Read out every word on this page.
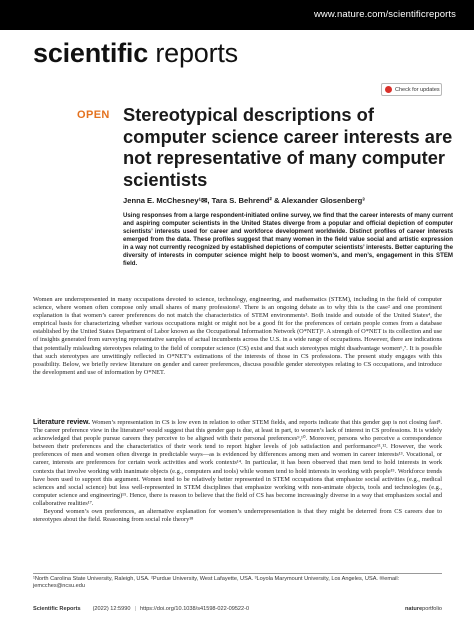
www.nature.com/scientificreports
scientific reports
Check for updates
OPEN Stereotypical descriptions of computer science career interests are not representative of many computer scientists
Jenna E. McChesney¹✉, Tara S. Behrend² & Alexander Glosenberg³
Using responses from a large respondent-initiated online survey, we find that the career interests of many current and aspiring computer scientists in the United States diverge from a popular and official depiction of computer scientists’ interests used for career and workforce development worldwide. Distinct profiles of career interests emerged from the data. These profiles suggest that many women in the field value social and artistic expression in a way not currently recognized by established depictions of computer scientists’ interests. Better capturing the diversity of interests in computer science might help to boost women’s, and men’s, engagement in this STEM field.
Women are underrepresented in many occupations devoted to science, technology, engineering, and mathematics (STEM), including in the field of computer science, where women often compose only small shares of many professions¹. There is an ongoing debate as to why this is the case² and one prominent explanation is that women’s career preferences do not match the characteristics of STEM environments³. Both inside and outside of the United States⁴, the empirical basis for characterizing whether various occupations might or might not be a good fit for the preferences of certain people comes from a database established by the United States Department of Labor known as the Occupational Information Network (O*NET)⁵. A strength of O*NET is its collection and use of insights generated from surveying representative samples of actual incumbents across the U.S. in a wide range of occupations. However, there are indications that potentially misleading stereotypes relating to the field of computer science (CS) exist and that such stereotypes might disadvantage women⁶,⁷. It is possible that such stereotypes are unwittingly reflected in O*NET’s estimations of the interests of those in CS professions. The present study engages with this possibility. Below, we briefly review literature on gender and career preferences, discuss possible gender stereotypes relating to CS occupations, and introduce the development and use of information by O*NET.
Literature review. Women’s representation in CS is low even in relation to other STEM fields, and reports indicate that this gender gap is not closing fast⁸. The career preference view in the literature³ would suggest that this gender gap is due, at least in part, to women’s lack of interest in CS professions. It is widely acknowledged that people pursue careers they perceive to be aligned with their personal preferences⁹,¹⁰. Moreover, persons who perceive a correspondence between their preferences and the characteristics of their work tend to report higher levels of job satisfaction and performance¹¹,¹². However, the work preferences of men and women often diverge in predictable ways—as is evidenced by differences among men and women in career interests¹³. Vocational, or career, interests are preferences for certain work activities and work contexts¹⁴. In particular, it has been observed that men tend to hold interests in work contexts that involve working with inanimate objects (e.g., computers and tools) while women tend to hold interests in working with people¹⁵. Workforce trends have been used to support this argument. Women tend to be relatively better represented in STEM occupations that emphasize social activities (e.g., medical sciences and social science) but less well-represented in STEM disciplines that emphasize working with non-animate objects, tools and technologies (e.g., computer science and engineering)¹⁵. Hence, there is reason to believe that the field of CS has become increasingly diverse in a way that emphasizes social and collaborative realities¹⁷.
Beyond women’s own preferences, an alternative explanation for women’s underrepresentation is that they might be deterred from CS careers due to stereotypes about the field. Reasoning from social role theory¹⁸
¹North Carolina State University, Raleigh, USA. ²Purdue University, West Lafayette, USA. ³Loyola Marymount University, Los Angeles, USA. ✉email: jemcches@ncsu.edu
Scientific Reports (2022) 12:5990 | https://doi.org/10.1038/s41598-022-09522-0	natureportfolio
